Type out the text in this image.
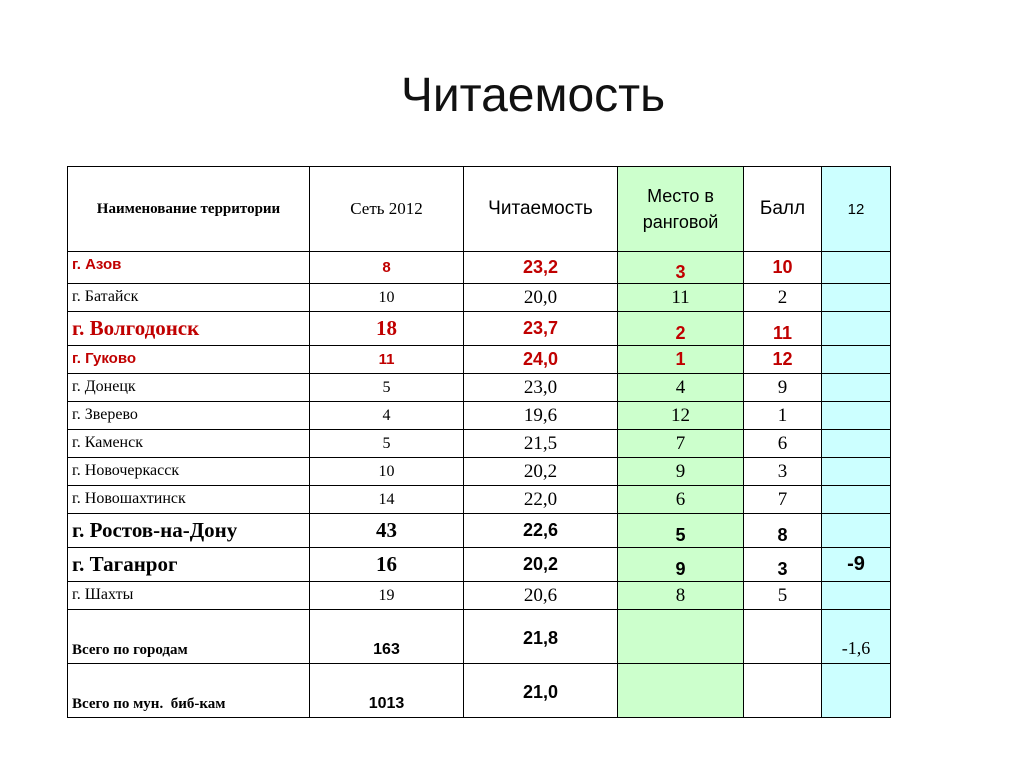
Читаемость
Наименование территории	Сеть 2012	Читаемость	Место в ранговой	Балл	12
г. Азов	8	23,2	3	10	
г. Батайск	10	20,0	11	2	
г. Волгодонск	18	23,7	2	11	
г. Гуково	11	24,0	1	12	
г. Донецк	5	23,0	4	9	
г. Зверево	4	19,6	12	1	
г. Каменск	5	21,5	7	6	
г. Новочеркасск	10	20,2	9	3	
г. Новошахтинск	14	22,0	6	7	
г. Ростов-на-Дону	43	22,6	5	8	
г. Таганрог	16	20,2	9	3	-9
г. Шахты	19	20,6	8	5	
Всего по городам	163	21,8			-1,6
Всего по мун.  биб-кам	1013	21,0			
